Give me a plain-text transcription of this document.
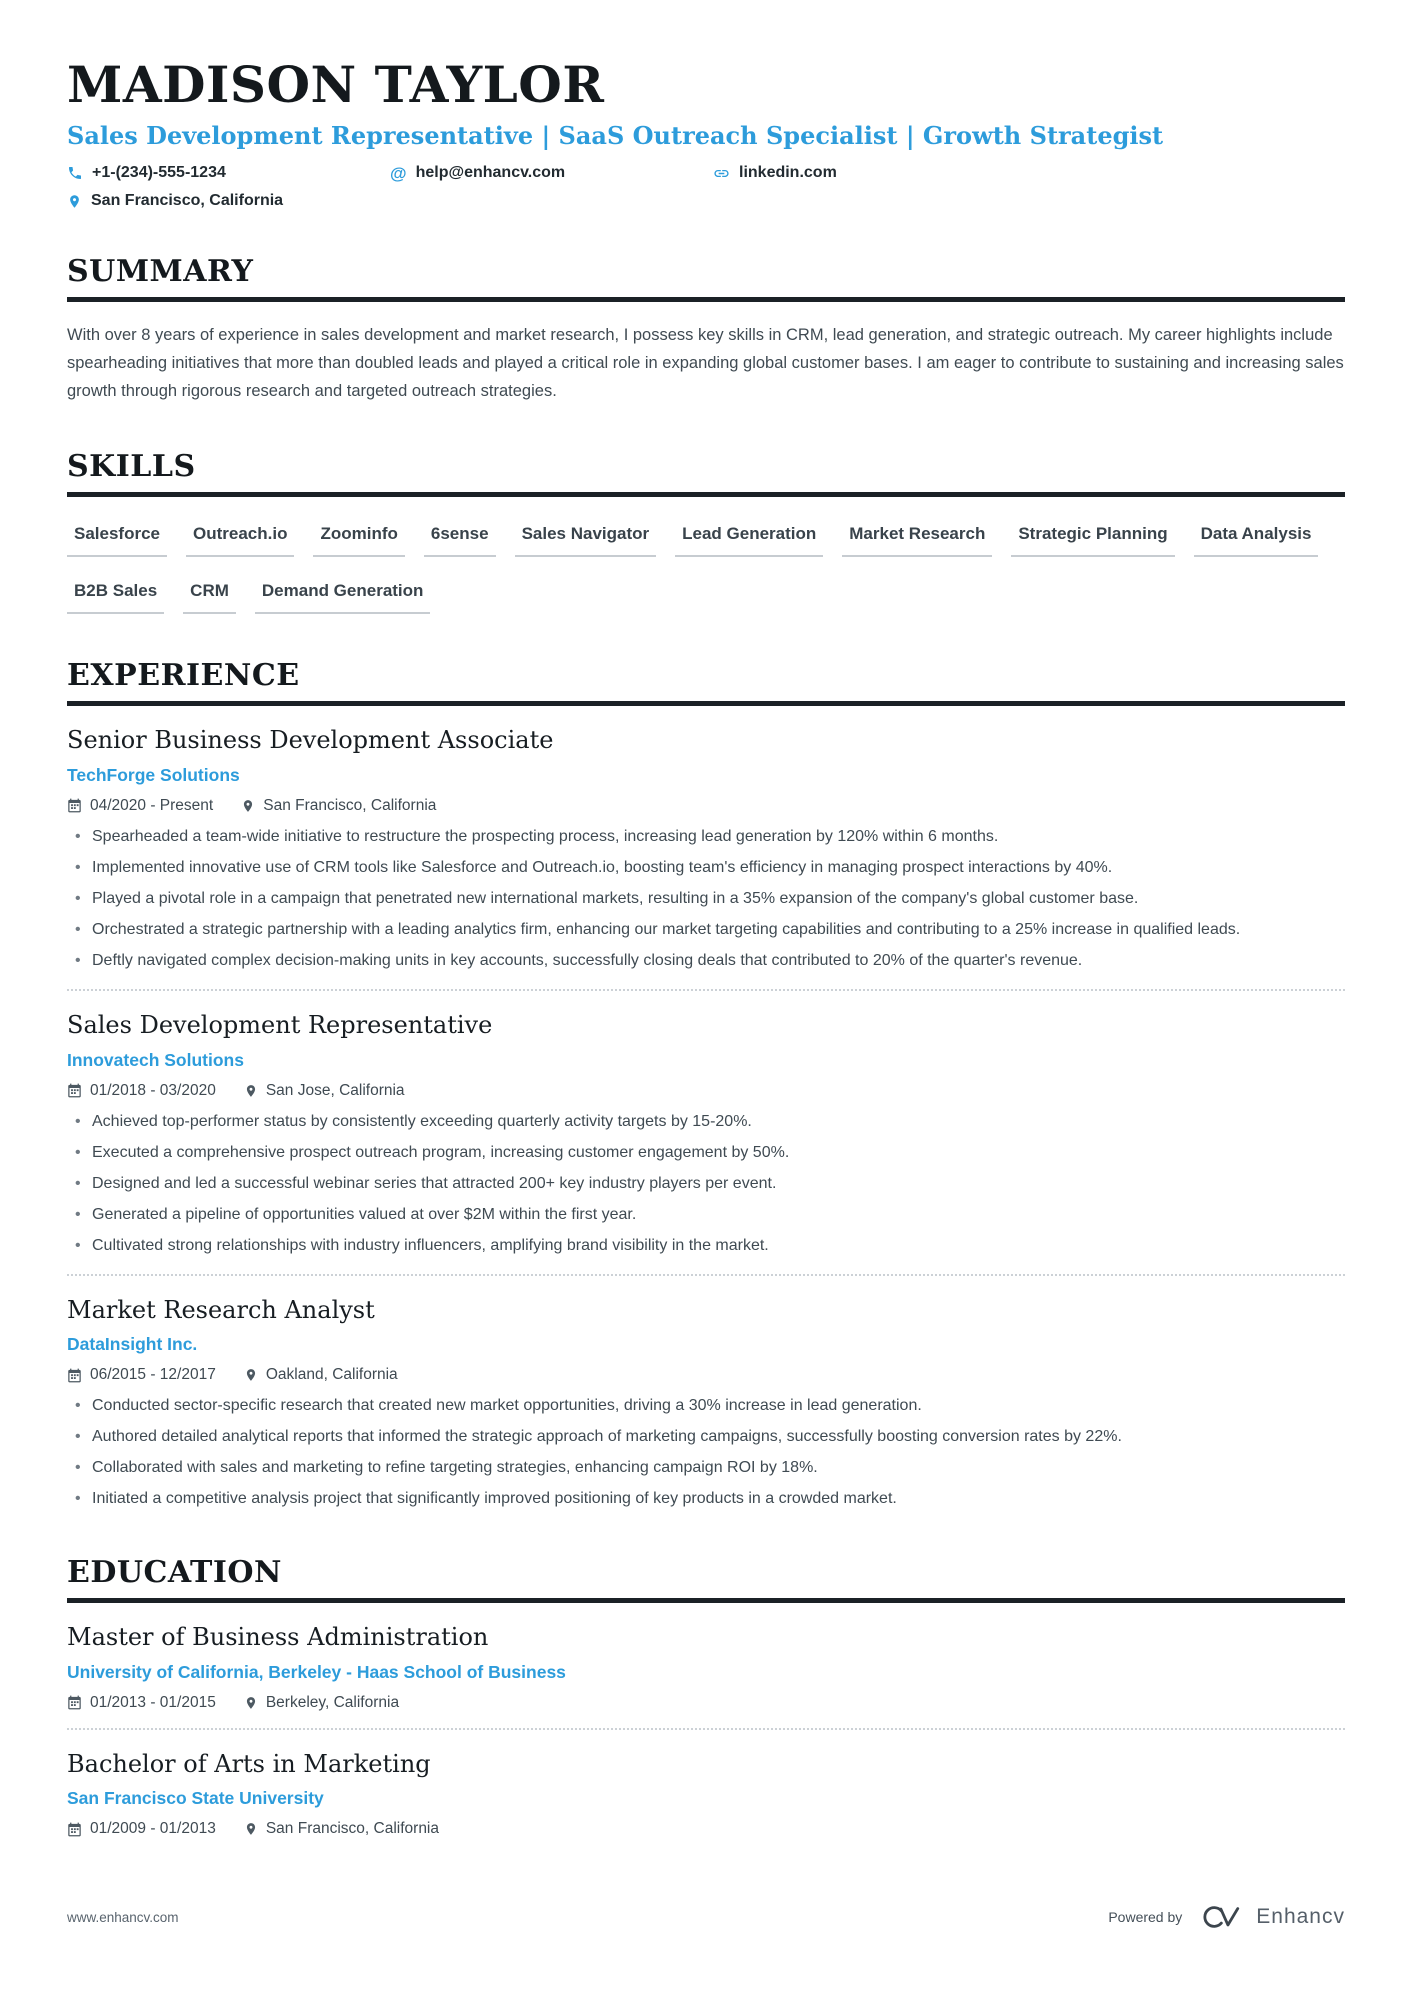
MADISON TAYLOR
Sales Development Representative | SaaS Outreach Specialist | Growth Strategist
+1-(234)-555-1234	@ help@enhancv.com	linkedin.com
San Francisco, California
SUMMARY
With over 8 years of experience in sales development and market research, I possess key skills in CRM, lead generation, and strategic outreach. My career highlights include spearheading initiatives that more than doubled leads and played a critical role in expanding global customer bases. I am eager to contribute to sustaining and increasing sales growth through rigorous research and targeted outreach strategies.
SKILLS
Salesforce	Outreach.io	Zoominfo	6sense	Sales Navigator	Lead Generation	Market Research	Strategic Planning	Data Analysis
B2B Sales	CRM	Demand Generation
EXPERIENCE
Senior Business Development Associate
TechForge Solutions
04/2020 - Present	San Francisco, California
• Spearheaded a team-wide initiative to restructure the prospecting process, increasing lead generation by 120% within 6 months.
• Implemented innovative use of CRM tools like Salesforce and Outreach.io, boosting team's efficiency in managing prospect interactions by 40%.
• Played a pivotal role in a campaign that penetrated new international markets, resulting in a 35% expansion of the company's global customer base.
• Orchestrated a strategic partnership with a leading analytics firm, enhancing our market targeting capabilities and contributing to a 25% increase in qualified leads.
• Deftly navigated complex decision-making units in key accounts, successfully closing deals that contributed to 20% of the quarter's revenue.
Sales Development Representative
Innovatech Solutions
01/2018 - 03/2020	San Jose, California
• Achieved top-performer status by consistently exceeding quarterly activity targets by 15-20%.
• Executed a comprehensive prospect outreach program, increasing customer engagement by 50%.
• Designed and led a successful webinar series that attracted 200+ key industry players per event.
• Generated a pipeline of opportunities valued at over $2M within the first year.
• Cultivated strong relationships with industry influencers, amplifying brand visibility in the market.
Market Research Analyst
DataInsight Inc.
06/2015 - 12/2017	Oakland, California
• Conducted sector-specific research that created new market opportunities, driving a 30% increase in lead generation.
• Authored detailed analytical reports that informed the strategic approach of marketing campaigns, successfully boosting conversion rates by 22%.
• Collaborated with sales and marketing to refine targeting strategies, enhancing campaign ROI by 18%.
• Initiated a competitive analysis project that significantly improved positioning of key products in a crowded market.
EDUCATION
Master of Business Administration
University of California, Berkeley - Haas School of Business
01/2013 - 01/2015	Berkeley, California
Bachelor of Arts in Marketing
San Francisco State University
01/2009 - 01/2013	San Francisco, California
www.enhancv.com	Powered by	Enhancv
